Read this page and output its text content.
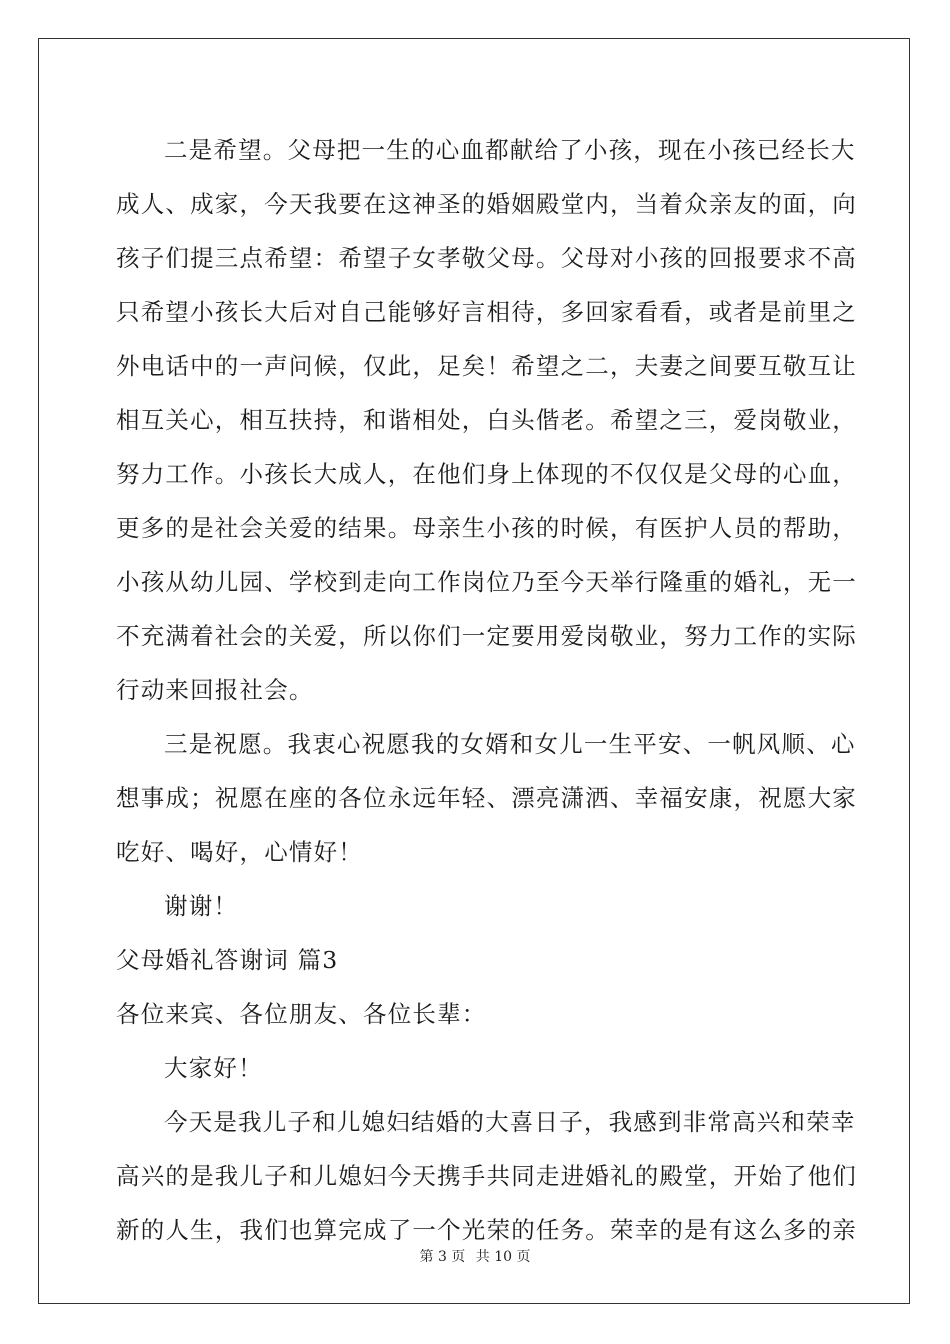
二是希望。父母把一生的心血都献给了小孩，现在小孩已经长大
成人、成家，今天我要在这神圣的婚姻殿堂内，当着众亲友的面，向
孩子们提三点希望：希望子女孝敬父母。父母对小孩的回报要求不高
只希望小孩长大后对自己能够好言相待，多回家看看，或者是前里之
外电话中的一声问候，仅此，足矣！希望之二，夫妻之间要互敬互让
相互关心，相互扶持，和谐相处，白头偕老。希望之三，爱岗敬业，
努力工作。小孩长大成人，在他们身上体现的不仅仅是父母的心血，
更多的是社会关爱的结果。母亲生小孩的时候，有医护人员的帮助，
小孩从幼儿园、学校到走向工作岗位乃至今天举行隆重的婚礼，无一
不充满着社会的关爱，所以你们一定要用爱岗敬业，努力工作的实际
行动来回报社会。
三是祝愿。我衷心祝愿我的女婿和女儿一生平安、一帆风顺、心
想事成；祝愿在座的各位永远年轻、漂亮潇洒、幸福安康，祝愿大家
吃好、喝好，心情好！
谢谢！
父母婚礼答谢词 篇3
各位来宾、各位朋友、各位长辈：
大家好！
今天是我儿子和儿媳妇结婚的大喜日子，我感到非常高兴和荣幸
高兴的是我儿子和儿媳妇今天携手共同走进婚礼的殿堂，开始了他们
新的人生，我们也算完成了一个光荣的任务。荣幸的是有这么多的亲
第 3 页 共 10 页
